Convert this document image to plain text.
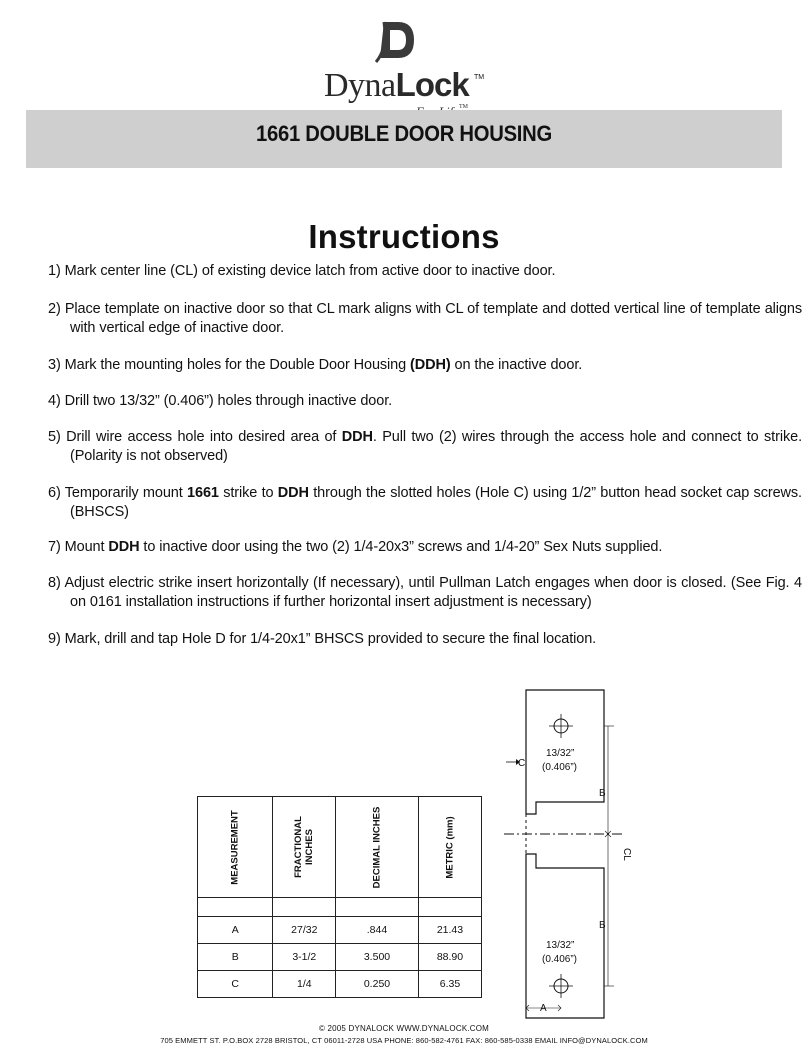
DynaLock TM
™
1661 DOUBLE DOOR HOUSING
Instructions

1) Mark center line (CL) of existing device latch from active door to inactive door.

2) Place template on inactive door so that CL mark aligns with CL of template and dotted vertical line of template aligns with vertical edge of inactive door.

3) Mark the mounting holes for the Double Door Housing (DDH) on the inactive door.

4) Drill two 13/32” (0.406”) holes through inactive door.

5) Drill wire access hole into desired area of DDH. Pull two (2) wires through the access hole and connect to strike. (Polarity is not observed)

6) Temporarily mount 1661 strike to DDH through the slotted holes (Hole C) using 1/2” button head socket cap screws. (BHSCS)

7) Mount DDH to inactive door using the two (2) 1/4-20x3” screws and 1/4-20” Sex Nuts supplied.

8) Adjust electric strike insert horizontally (If necessary), until Pullman Latch engages when door is closed. (See Fig. 4 on 0161 installation instructions if further horizontal insert adjustment is necessary)

9) Mark, drill and tap Hole D for 1/4-20x1” BHSCS provided to secure the final location.

MEASUREMENT	FRACTIONAL
INCHES	DECIMAL INCHES	METRIC (mm)

A	27/32	.844	21.43
B	3-1/2	3.500	88.90
C	1/4	0.250	6.35
13/32”
(0.406”)
13/32”
(0.406”)
C
B
B
CL
A
© 2005 DYNALOCK WWW.DYNALOCK.COM
705 EMMETT ST. P.O.BOX 2728 BRISTOL, CT 06011-2728 USA PHONE: 860-582-4761 FAX: 860-585-0338 EMAIL INFO@DYNALOCK.COM
